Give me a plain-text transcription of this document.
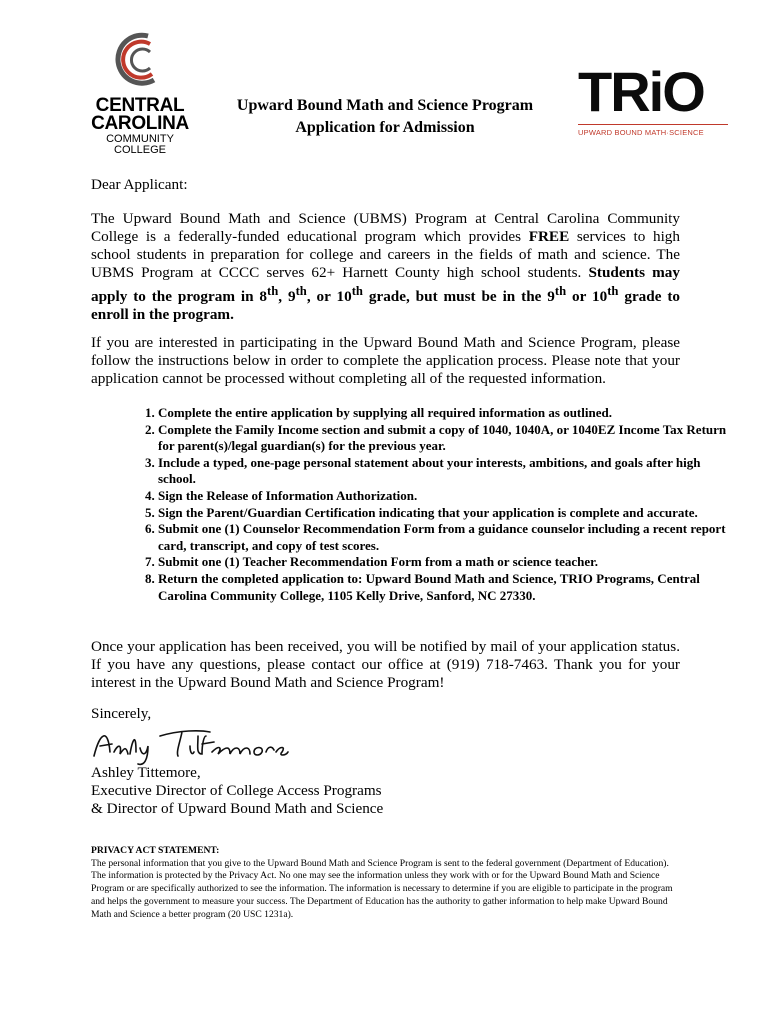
CENTRAL
CAROLINA
COMMUNITY
COLLEGE
Upward Bound Math and Science Program
Application for Admission
TRiO
UPWARD BOUND MATH·SCIENCE
Dear Applicant:
The Upward Bound Math and Science (UBMS) Program at Central Carolina Community College is a federally-funded educational program which provides FREE services to high school students in preparation for college and careers in the fields of math and science. The UBMS Program at CCCC serves 62+ Harnett County high school students. Students may apply to the program in 8th, 9th, or 10th grade, but must be in the 9th or 10th grade to enroll in the program.
If you are interested in participating in the Upward Bound Math and Science Program, please follow the instructions below in order to complete the application process. Please note that your application cannot be processed without completing all of the requested information.
1. Complete the entire application by supplying all required information as outlined.
2. Complete the Family Income section and submit a copy of 1040, 1040A, or 1040EZ Income Tax Return for parent(s)/legal guardian(s) for the previous year.
3. Include a typed, one-page personal statement about your interests, ambitions, and goals after high school.
4. Sign the Release of Information Authorization.
5. Sign the Parent/Guardian Certification indicating that your application is complete and accurate.
6. Submit one (1) Counselor Recommendation Form from a guidance counselor including a recent report card, transcript, and copy of test scores.
7. Submit one (1) Teacher Recommendation Form from a math or science teacher.
8. Return the completed application to: Upward Bound Math and Science, TRIO Programs, Central Carolina Community College, 1105 Kelly Drive, Sanford, NC 27330.
Once your application has been received, you will be notified by mail of your application status. If you have any questions, please contact our office at (919) 718-7463. Thank you for your interest in the Upward Bound Math and Science Program!
Sincerely,
Ashley Tittemore,
Executive Director of College Access Programs
& Director of Upward Bound Math and Science
PRIVACY ACT STATEMENT:
The personal information that you give to the Upward Bound Math and Science Program is sent to the federal government (Department of Education). The information is protected by the Privacy Act. No one may see the information unless they work with or for the Upward Bound Math and Science Program or are specifically authorized to see the information. The information is necessary to determine if you are eligible to participate in the program and helps the government to measure your success. The Department of Education has the authority to gather information to help make Upward Bound Math and Science a better program (20 USC 1231a).
